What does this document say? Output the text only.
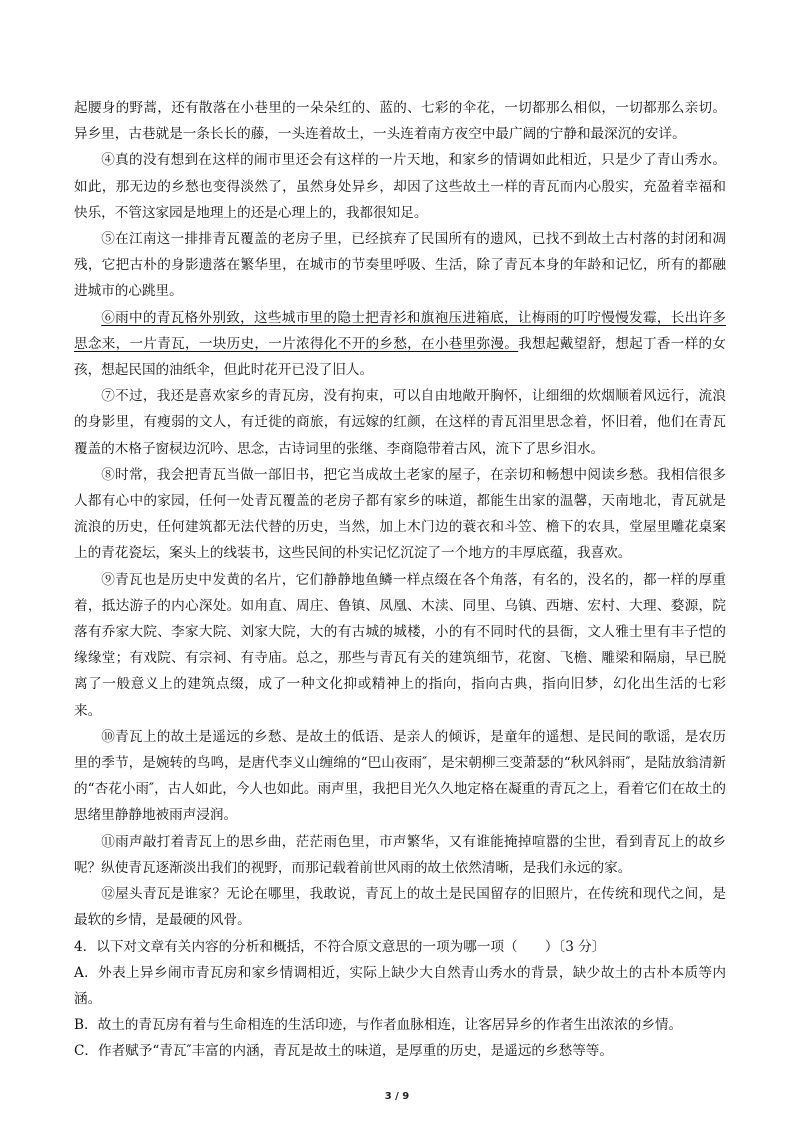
起腰身的野蒿，还有散落在小巷里的一朵朵红的、蓝的、七彩的伞花，一切都那么相似，一切都那么亲切。异乡里，古巷就是一条长长的藤，一头连着故土，一头连着南方夜空中最广阔的宁静和最深沉的安详。

④真的没有想到在这样的闹市里还会有这样的一片天地，和家乡的情调如此相近，只是少了青山秀水。如此，那无边的乡愁也变得淡然了，虽然身处异乡，却因了这些故土一样的青瓦而内心殷实，充盈着幸福和快乐，不管这家园是地理上的还是心理上的，我都很知足。

⑤在江南这一排排青瓦覆盖的老房子里，已经摈弃了民国所有的遗风，已找不到故土古村落的封闭和凋残，它把古朴的身影遗落在繁华里，在城市的节奏里呼吸、生活，除了青瓦本身的年龄和记忆，所有的都融进城市的心跳里。

⑥雨中的青瓦格外别致，这些城市里的隐士把青衫和旗袍压进箱底，让梅雨的叮咛慢慢发霉，长出许多思念来，一片青瓦，一块历史，一片浓得化不开的乡愁，在小巷里弥漫。我想起戴望舒，想起丁香一样的女孩，想起民国的油纸伞，但此时花开已没了旧人。

⑦不过，我还是喜欢家乡的青瓦房，没有拘束，可以自由地敞开胸怀，让细细的炊烟顺着风远行，流浪的身影里，有瘦弱的文人，有迁徙的商旅，有远嫁的红颜，在这样的青瓦泪里思念着，怀旧着，他们在青瓦覆盖的木格子窗棂边沉吟、思念，古诗词里的张继、李商隐带着古风，流下了思乡泪水。

⑧时常，我会把青瓦当做一部旧书，把它当成故土老家的屋子，在亲切和畅想中阅读乡愁。我相信很多人都有心中的家园，任何一处青瓦覆盖的老房子都有家乡的味道，都能生出家的温馨，天南地北，青瓦就是流浪的历史，任何建筑都无法代替的历史，当然，加上木门边的蓑衣和斗笠、檐下的农具，堂屋里雕花桌案上的青花瓷坛，案头上的线装书，这些民间的朴实记忆沉淀了一个地方的丰厚底蕴，我喜欢。

⑨青瓦也是历史中发黄的名片，它们静静地鱼鳞一样点缀在各个角落，有名的，没名的，都一样的厚重着，抵达游子的内心深处。如甪直、周庄、鲁镇、凤凰、木渎、同里、乌镇、西塘、宏村、大理、婺源，院落有乔家大院、李家大院、刘家大院，大的有古城的城楼，小的有不同时代的县衙，文人雅士里有丰子恺的缘缘堂；有戏院、有宗祠、有寺庙。总之，那些与青瓦有关的建筑细节，花窗、飞檐、雕梁和隔扇，早已脱离了一般意义上的建筑点缀，成了一种文化抑或精神上的指向，指向古典，指向旧梦，幻化出生活的七彩来。

⑩青瓦上的故土是遥远的乡愁、是故土的低语、是亲人的倾诉，是童年的遥想、是民间的歌谣，是农历里的季节，是婉转的鸟鸣，是唐代李义山缠绵的“巴山夜雨″，是宋朝柳三变萧瑟的“秋风斜雨″，是陆放翁清新的“杏花小雨″，古人如此，今人也如此。雨声里，我把目光久久地定格在凝重的青瓦之上，看着它们在故土的思绪里静静地被雨声浸润。

⑪雨声敲打着青瓦上的思乡曲，茫茫雨色里，市声繁华，又有谁能掩掉喧嚣的尘世，看到青瓦上的故乡呢？纵使青瓦逐渐淡出我们的视野，而那记载着前世风雨的故土依然清晰，是我们永远的家。

⑫屋头青瓦是谁家？无论在哪里，我敢说，青瓦上的故土是民国留存的旧照片，在传统和现代之间，是最软的乡情，是最硬的风骨。

4．以下对文章有关内容的分析和概括，不符合原文意思的一项为哪一项（　　）〔3 分〕

A．外表上异乡闹市青瓦房和家乡情调相近，实际上缺少大自然青山秀水的背景，缺少故土的古朴本质等内涵。

B．故土的青瓦房有着与生命相连的生活印迹，与作者血脉相连，让客居异乡的作者生出浓浓的乡情。

C．作者赋予“青瓦″丰富的内涵，青瓦是故土的味道，是厚重的历史，是遥远的乡愁等等。

3 / 9
